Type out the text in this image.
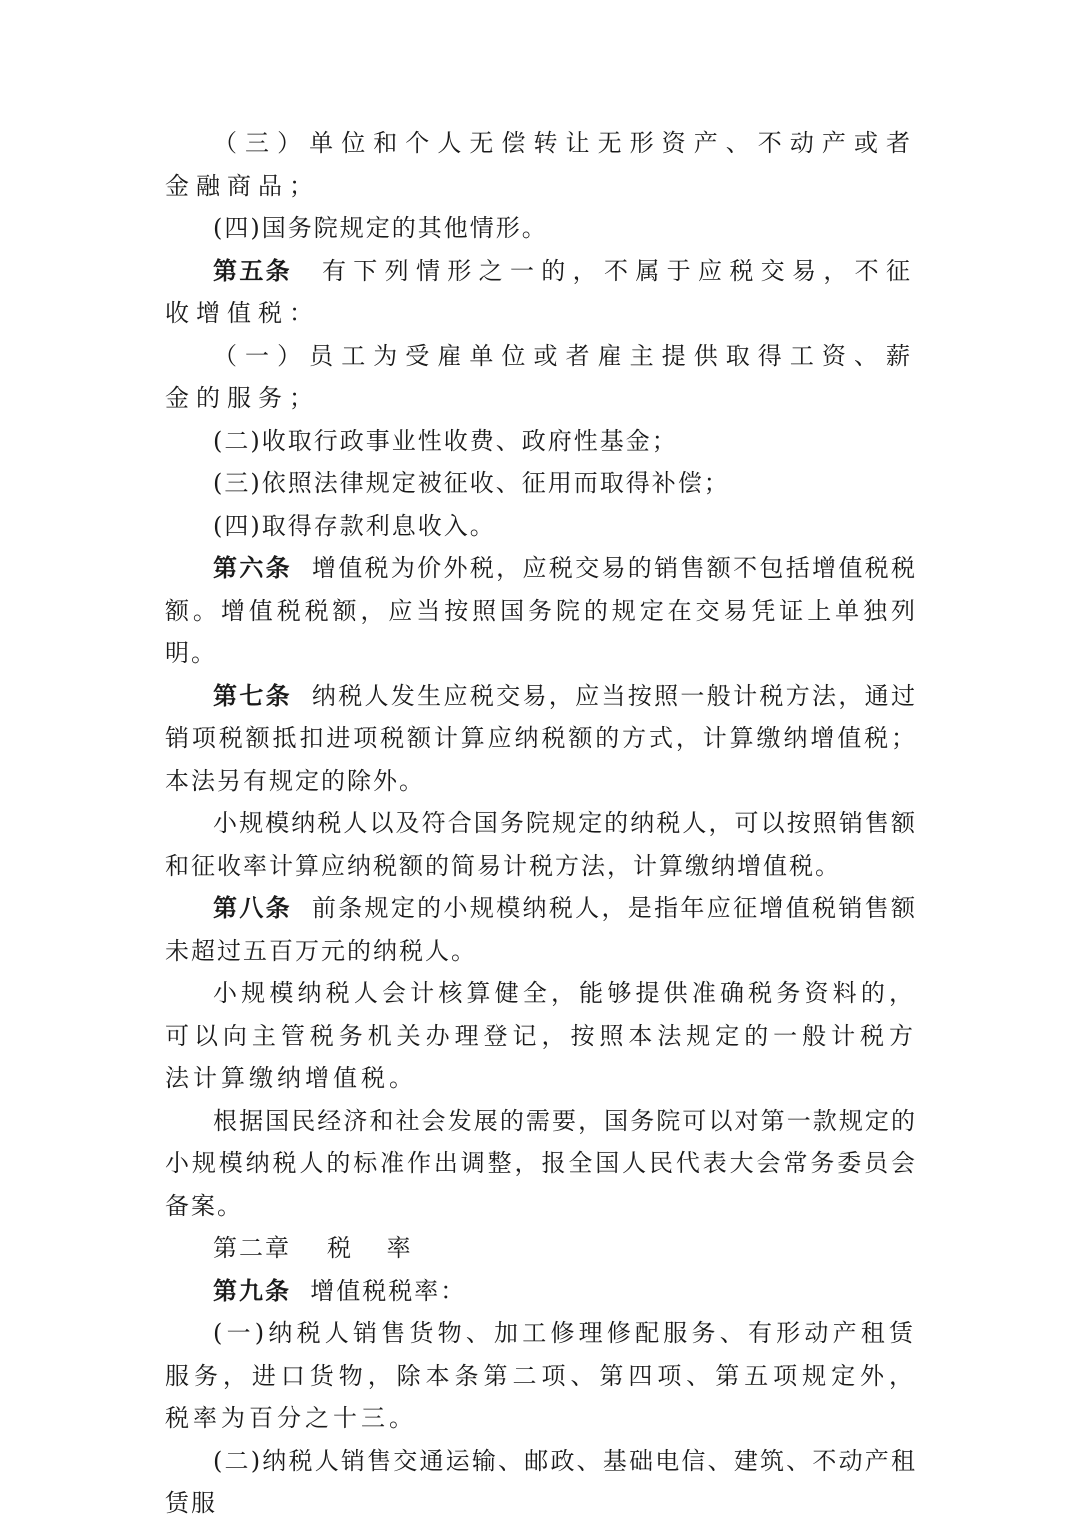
（三）单位和个人无偿转让无形资产、不动产或者金融商品；

(四)国务院规定的其他情形。

第五条 有下列情形之一的，不属于应税交易，不征收增值税：

（一）员工为受雇单位或者雇主提供取得工资、薪金的服务；

(二)收取行政事业性收费、政府性基金；

(三)依照法律规定被征收、征用而取得补偿；

(四)取得存款利息收入。

第六条 增值税为价外税，应税交易的销售额不包括增值税税额。增值税税额，应当按照国务院的规定在交易凭证上单独列明。

第七条 纳税人发生应税交易，应当按照一般计税方法，通过销项税额抵扣进项税额计算应纳税额的方式，计算缴纳增值税；本法另有规定的除外。

小规模纳税人以及符合国务院规定的纳税人，可以按照销售额和征收率计算应纳税额的简易计税方法，计算缴纳增值税。

第八条 前条规定的小规模纳税人，是指年应征增值税销售额未超过五百万元的纳税人。

小规模纳税人会计核算健全，能够提供准确税务资料的，可以向主管税务机关办理登记，按照本法规定的一般计税方法计算缴纳增值税。

根据国民经济和社会发展的需要，国务院可以对第一款规定的小规模纳税人的标准作出调整，报全国人民代表大会常务委员会备案。

第二章 税 率

第九条 增值税税率：

(一)纳税人销售货物、加工修理修配服务、有形动产租赁服务，进口货物，除本条第二项、第四项、第五项规定外，税率为百分之十三。

(二)纳税人销售交通运输、邮政、基础电信、建筑、不动产租赁服
